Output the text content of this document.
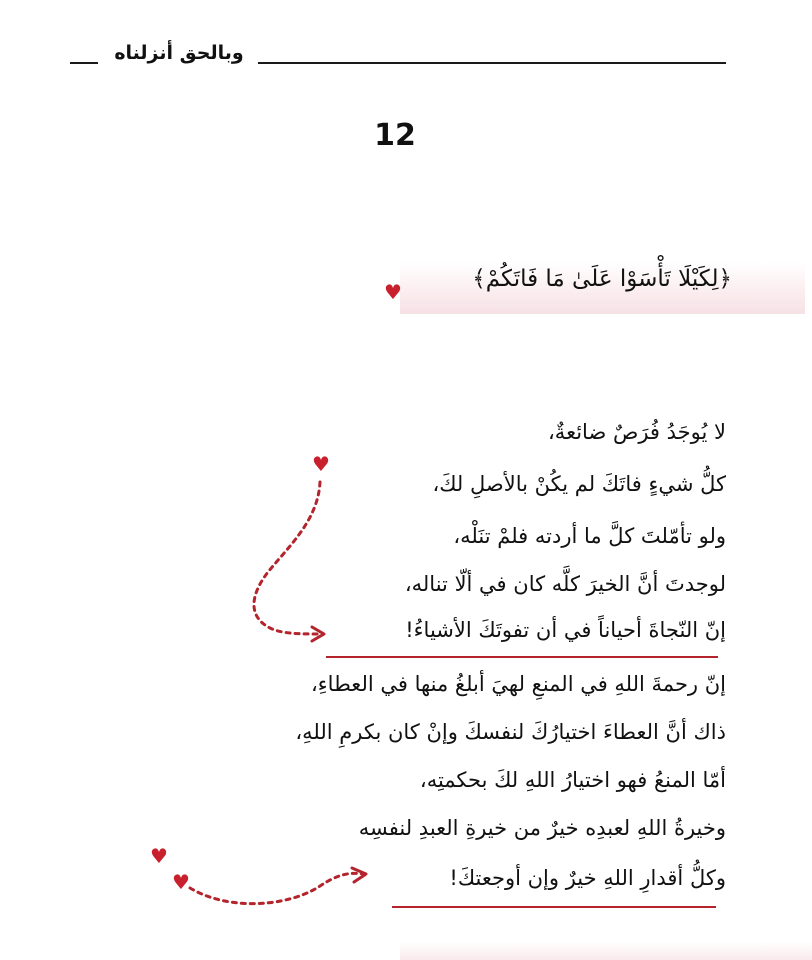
وبالحق أنزلناه
12
﴿لِكَيْلَا تَأْسَوْا عَلَىٰ مَا فَاتَكُمْ﴾
♥
لا يُوجَدُ فُرَصٌ ضائعةٌ،
كلُّ شيءٍ فاتَكَ لم يكُنْ بالأصلِ لكَ،
ولو تأمّلتَ كلَّ ما أردته فلمْ تنَلْه،
لوجدتَ أنَّ الخيرَ كلَّه كان في ألّا تناله،
إنّ النّجاةَ أحياناً في أن تفوتَكَ الأشياءُ!
إنّ رحمةَ اللهِ في المنعِ لهيَ أبلغُ منها في العطاءِ،
ذاك أنَّ العطاءَ اختيارُكَ لنفسكَ وإنْ كان بكرمِ اللهِ،
أمّا المنعُ فهو اختيارُ اللهِ لكَ بحكمتِه،
وخيرةُ اللهِ لعبدِه خيرٌ من خيرةِ العبدِ لنفسِه
وكلُّ أقدارِ اللهِ خيرٌ وإن أوجعتكَ!
♥
♥
♥
